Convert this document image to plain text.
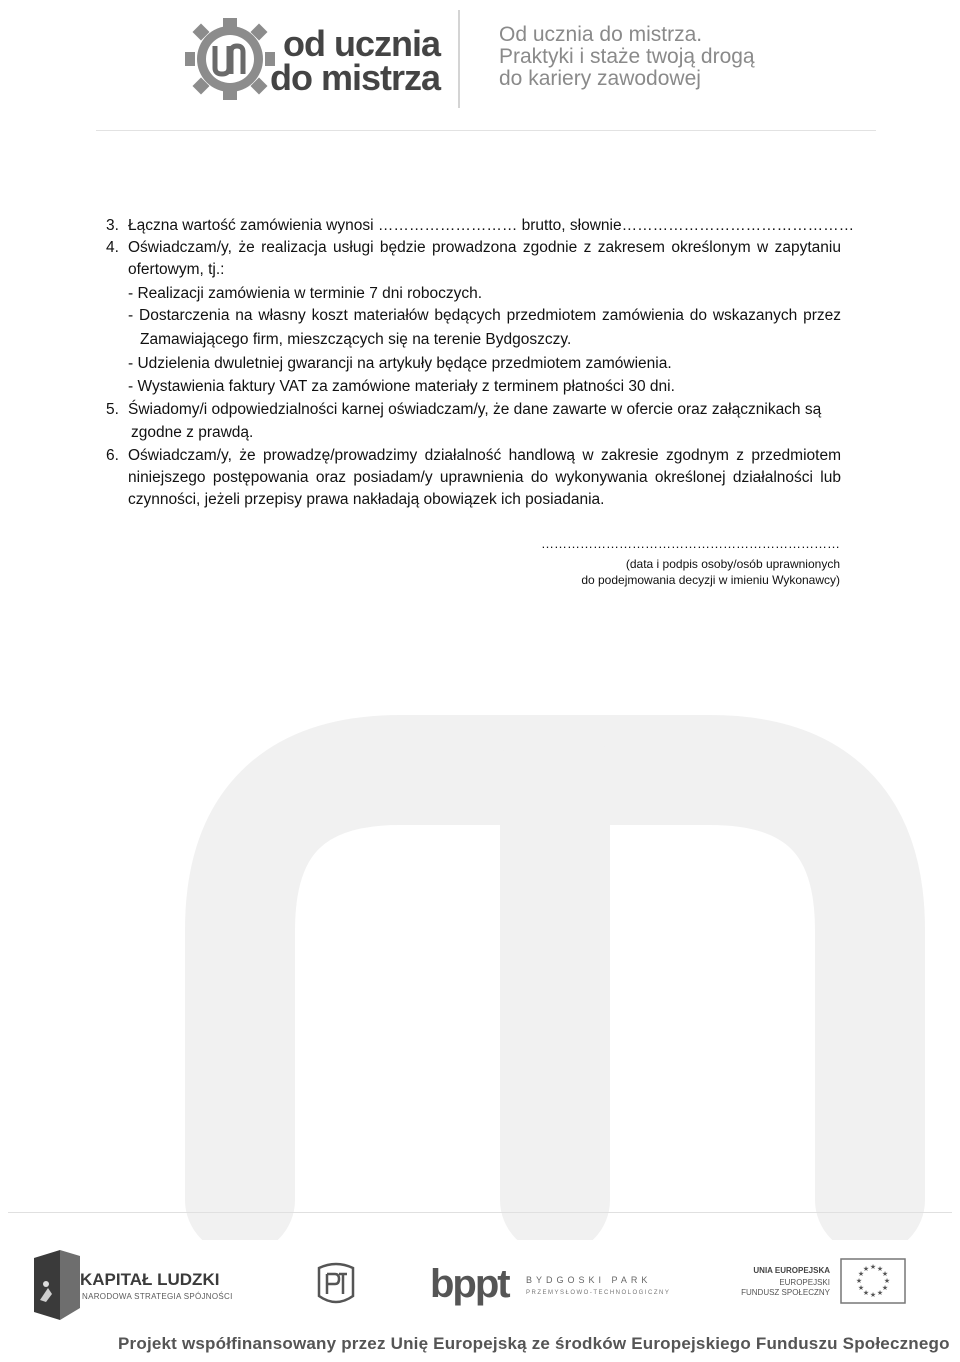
od ucznia
do mistrza
Od ucznia do mistrza.
Praktyki i staże twoją drogą
do kariery zawodowej
3. Łączna wartość zamówienia wynosi ……………………… brutto, słownie………………………………………
4. Oświadczam/y, że realizacja usługi będzie prowadzona zgodnie z zakresem określonym w zapytaniu
ofertowym, tj.:
- Realizacji zamówienia w terminie 7 dni roboczych.
- Dostarczenia na własny koszt materiałów będących przedmiotem zamówienia do wskazanych przez
Zamawiającego firm, mieszczących się na terenie Bydgoszczy.
- Udzielenia dwuletniej gwarancji na artykuły będące przedmiotem zamówienia.
- Wystawienia faktury VAT za zamówione materiały z terminem płatności 30 dni.
5. Świadomy/i odpowiedzialności karnej oświadczam/y, że dane zawarte w ofercie oraz załącznikach są
zgodne z prawdą.
6. Oświadczam/y, że prowadzę/prowadzimy działalność handlową w zakresie zgodnym z przedmiotem
niniejszego postępowania oraz posiadam/y uprawnienia do wykonywania określonej działalności lub
czynności, jeżeli przepisy prawa nakładają obowiązek ich posiadania.
……………………………………………………………
(data i podpis osoby/osób uprawnionych
do podejmowania decyzji w imieniu Wykonawcy)
KAPITAŁ LUDZKI
NARODOWA STRATEGIA SPÓJNOŚCI	bppt BYDGOSKI PARK
PRZEMYSŁOWO-TECHNOLOGICZNY
UNIA EUROPEJSKA
EUROPEJSKI
FUNDUSZ SPOŁECZNY
★ ★
★
★
★
★
★
★
★
★
★
★
Projekt współfinansowany przez Unię Europejską ze środków Europejskiego Funduszu Społecznego
